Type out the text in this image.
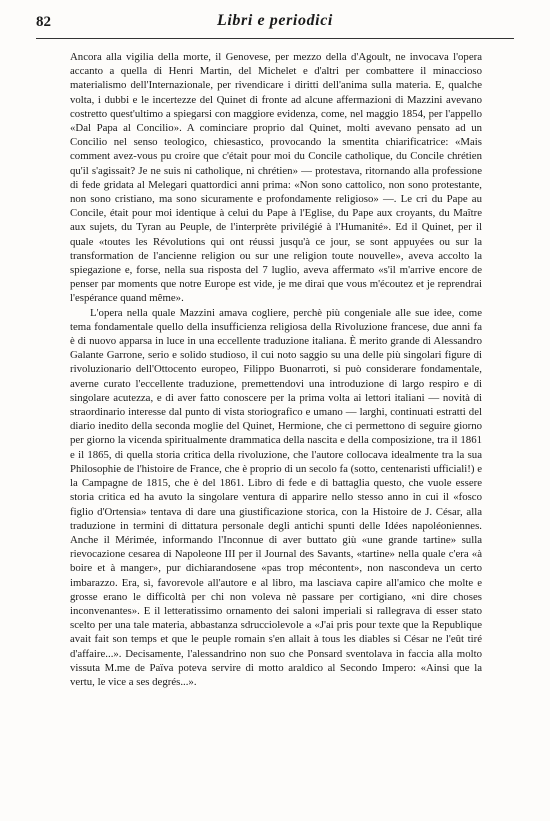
82	Libri e periodici

Ancora alla vigilia della morte, il Genovese, per mezzo della d'Agoult, ne invocava l'opera accanto a quella di Henri Martin, del Michelet e d'altri per combattere il minaccioso materialismo dell'Internazionale, per rivendicare i diritti dell'anima sulla materia. E, qualche volta, i dubbi e le incertezze del Quinet di fronte ad alcune affermazioni di Mazzini avevano costretto quest'ultimo a spiegarsi con maggiore evidenza, come, nel maggio 1854, per l'appello «Dal Papa al Concilio». A cominciare proprio dal Quinet, molti avevano pensato ad un Concilio nel senso teologico, chiesastico, provocando la smentita chiarificatrice: «Mais comment avez-vous pu croire que c'était pour moi du Concile catholique, du Concile chrétien qu'il s'agissait? Je ne suis ni catholique, ni chrétien» — protestava, ritornando alla professione di fede gridata al Melegari quattordici anni prima: «Non sono cattolico, non sono protestante, non sono cristiano, ma sono sicuramente e profondamente religioso» —. Le cri du Pape au Concile, était pour moi identique à celui du Pape à l'Eglise, du Pape aux croyants, du Maître aux sujets, du Tyran au Peuple, de l'interprète privilégié à l'Humanité». Ed il Quinet, per il quale «toutes les Révolutions qui ont réussi jusqu'à ce jour, se sont appuyées ou sur la transformation de l'ancienne religion ou sur une religion toute nouvelle», aveva accolto la spiegazione e, forse, nella sua risposta del 7 luglio, aveva affermato «s'il m'arrive encore de penser par moments que notre Europe est vide, je me dirai que vous m'écoutez et je reprendrai l'espérance quand même».

L'opera nella quale Mazzini amava cogliere, perchè più congeniale alle sue idee, come tema fondamentale quello della insufficienza religiosa della Rivoluzione francese, due anni fa è di nuovo apparsa in luce in una eccellente traduzione italiana. È merito grande di Alessandro Galante Garrone, serio e solido studioso, il cui noto saggio su una delle più singolari figure di rivoluzionario dell'Ottocento europeo, Filippo Buonarroti, si può considerare fondamentale, averne curato l'eccellente traduzione, premettendovi una introduzione di largo respiro e di singolare acutezza, e di aver fatto conoscere per la prima volta ai lettori italiani — novità di straordinario interesse dal punto di vista storiografico e umano — larghi, continuati estratti del diario inedito della seconda moglie del Quinet, Hermione, che ci permettono di seguire giorno per giorno la vicenda spiritualmente drammatica della nascita e della composizione, tra il 1861 e il 1865, di quella storia critica della rivoluzione, che l'autore collocava idealmente tra la sua Philosophie de l'histoire de France, che è proprio di un secolo fa (sotto, centenaristi ufficiali!) e la Campagne de 1815, che è del 1861. Libro di fede e di battaglia questo, che vuole essere storia critica ed ha avuto la singolare ventura di apparire nello stesso anno in cui il «fosco figlio d'Ortensia» tentava di dare una giustificazione storica, con la Histoire de J. César, alla traduzione in termini di dittatura personale degli antichi spunti delle Idées napoléoniennes. Anche il Mérimée, informando l'Inconnue di aver buttato giù «une grande tartine» sulla rievocazione cesarea di Napoleone III per il Journal des Savants, «tartine» nella quale c'era «à boire et à manger», pur dichiarandosene «pas trop mécontent», non nascondeva un certo imbarazzo. Era, sì, favorevole all'autore e al libro, ma lasciava capire all'amico che molte e grosse erano le difficoltà per chi non voleva nè passare per cortigiano, «ni dire choses inconvenantes». E il letteratissimo ornamento dei saloni imperiali si rallegrava di esser stato scelto per una tale materia, abbastanza sdrucciolevole a «J'ai pris pour texte que la Republique avait fait son temps et que le peuple romain s'en allait à tous les diables si César ne l'eût tiré d'affaire...». Decisamente, l'alessandrino non suo che Ponsard sventolava in faccia alla molto vissuta M.me de Païva poteva servire di motto araldico al Secondo Impero: «Ainsi que la vertu, le vice a ses degrés...».
